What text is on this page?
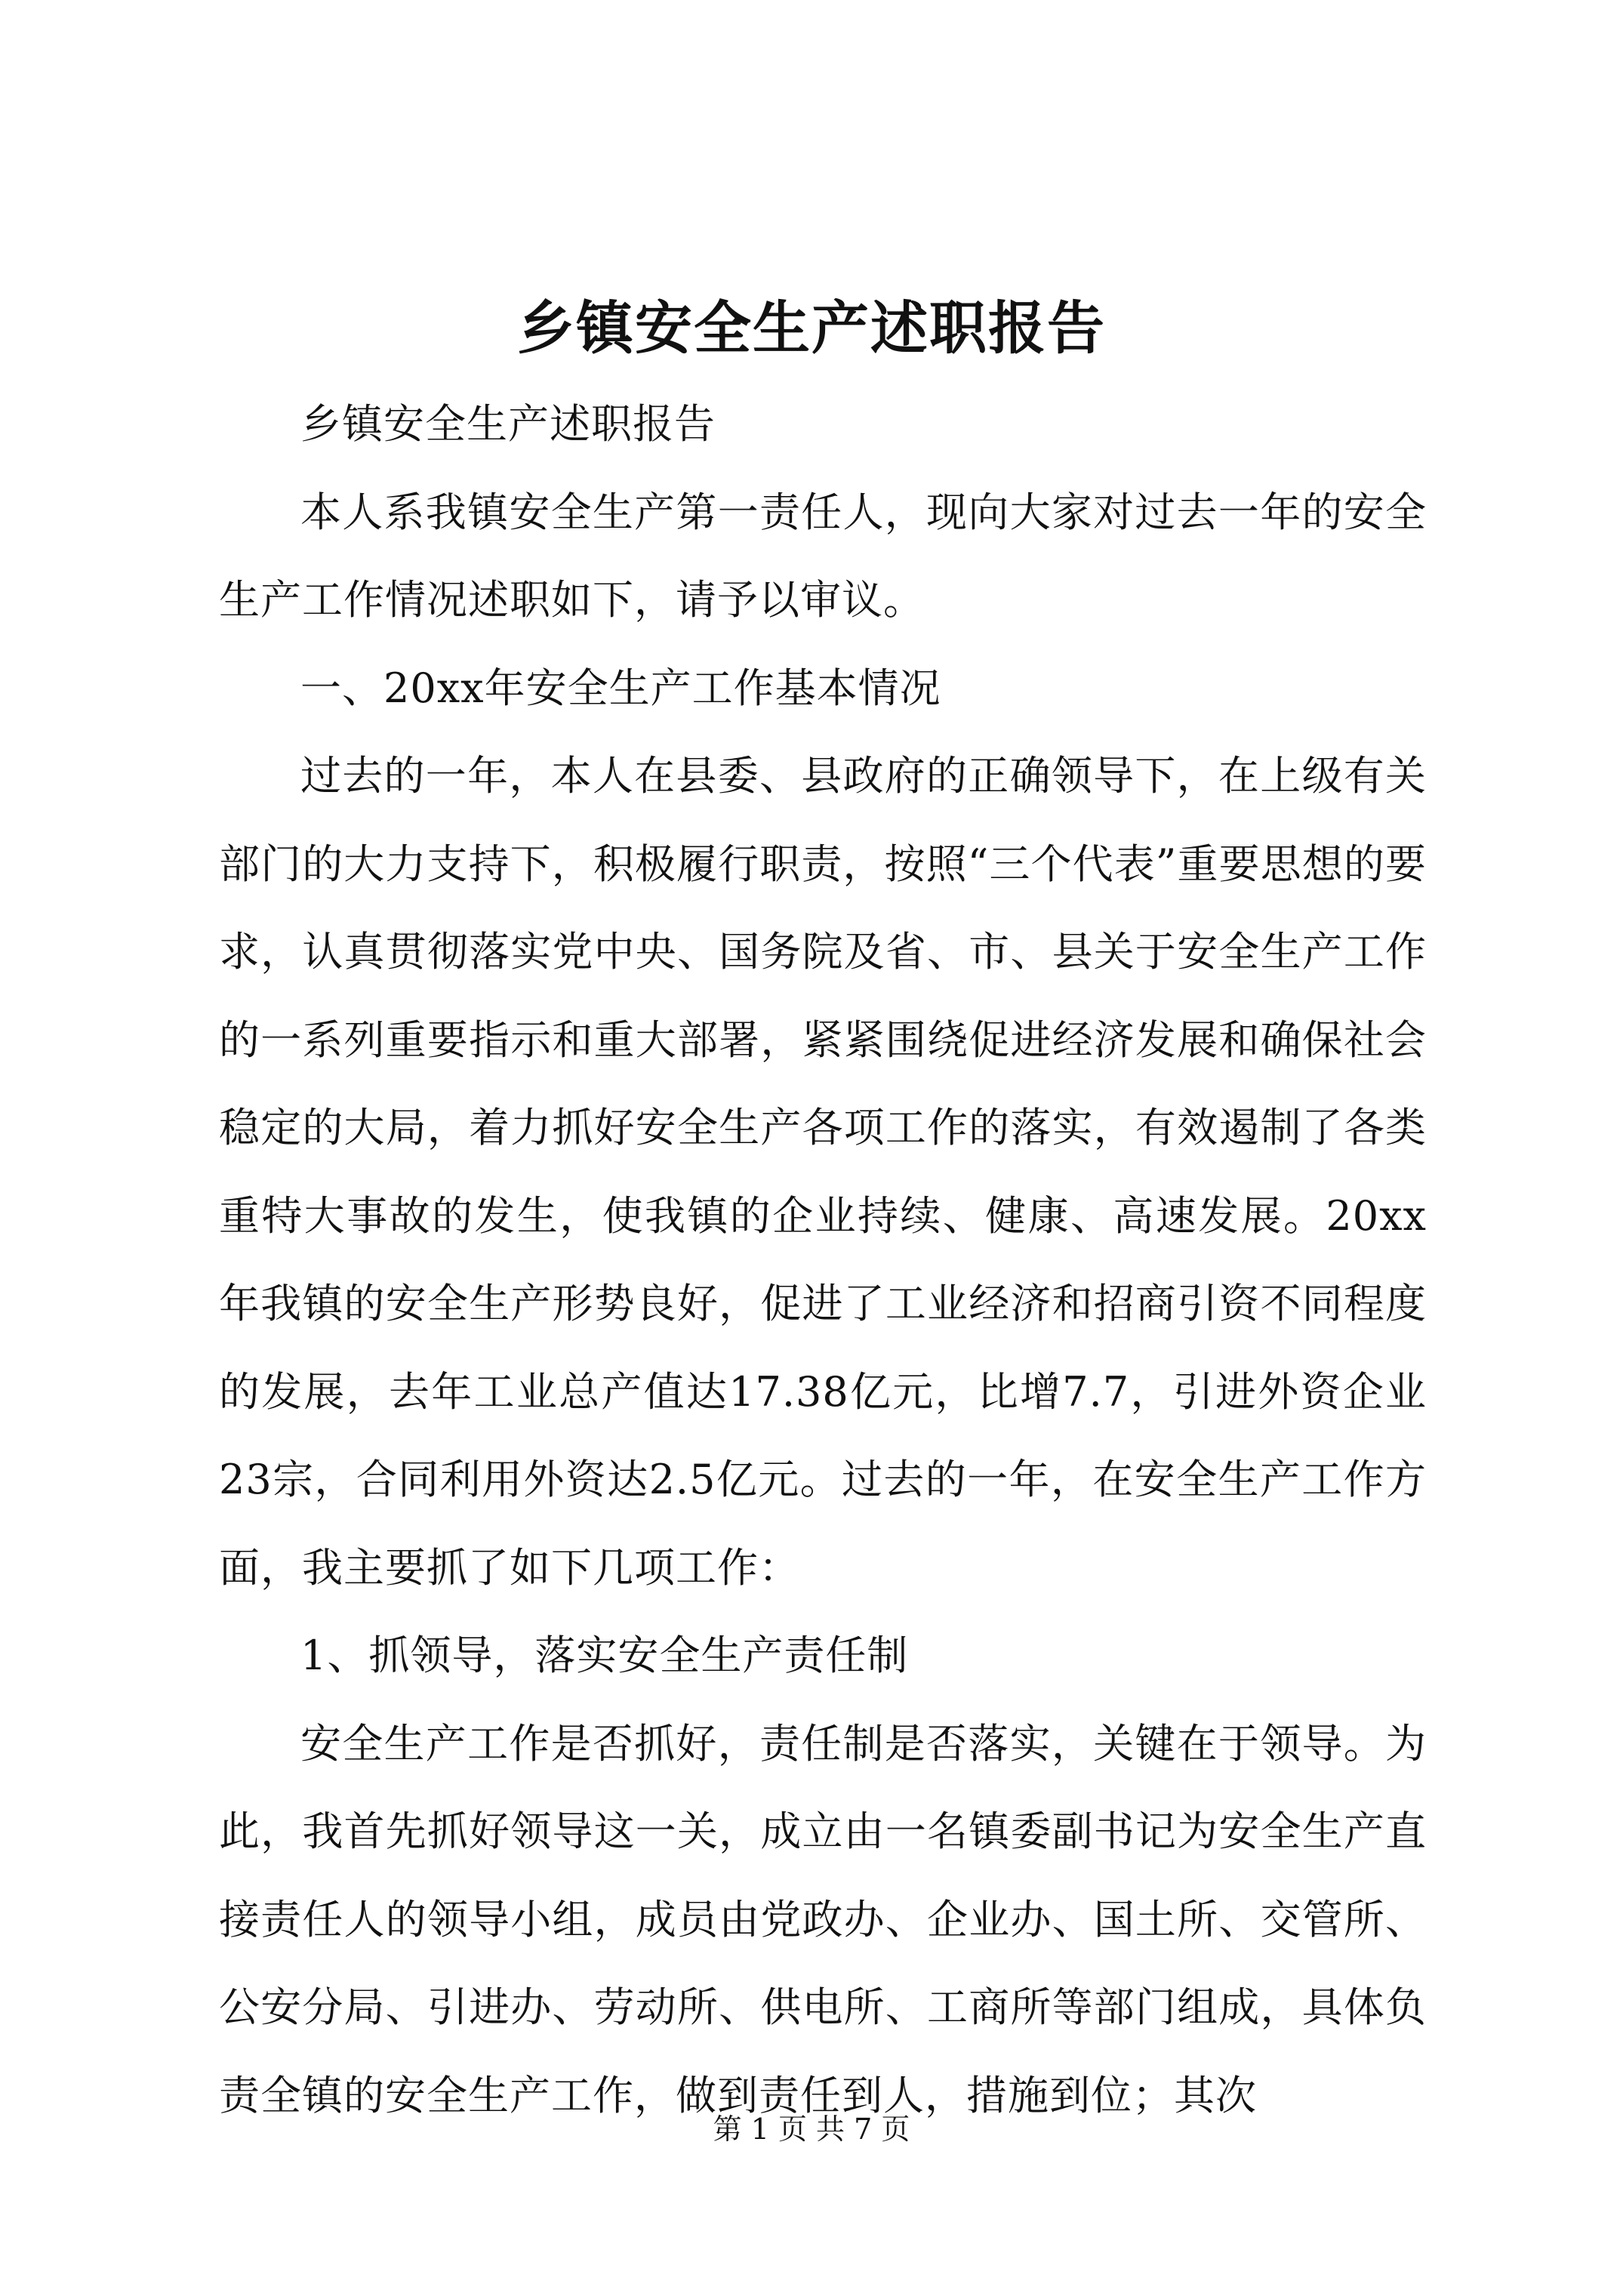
乡镇安全生产述职报告

乡镇安全生产述职报告

本人系我镇安全生产第一责任人，现向大家对过去一年的安全生产工作情况述职如下，请予以审议。

一、20xx年安全生产工作基本情况

过去的一年，本人在县委、县政府的正确领导下，在上级有关部门的大力支持下，积极履行职责，按照“三个代表”重要思想的要求，认真贯彻落实党中央、国务院及省、市、县关于安全生产工作的一系列重要指示和重大部署，紧紧围绕促进经济发展和确保社会稳定的大局，着力抓好安全生产各项工作的落实，有效遏制了各类重特大事故的发生，使我镇的企业持续、健康、高速发展。20xx年我镇的安全生产形势良好，促进了工业经济和招商引资不同程度的发展，去年工业总产值达17.38亿元，比增7.7，引进外资企业23宗，合同利用外资达2.5亿元。过去的一年，在安全生产工作方面，我主要抓了如下几项工作：

1、抓领导，落实安全生产责任制

安全生产工作是否抓好，责任制是否落实，关键在于领导。为此，我首先抓好领导这一关，成立由一名镇委副书记为安全生产直接责任人的领导小组，成员由党政办、企业办、国土所、交管所、公安分局、引进办、劳动所、供电所、工商所等部门组成，具体负责全镇的安全生产工作，做到责任到人，措施到位；其次

第 1 页 共 7 页
